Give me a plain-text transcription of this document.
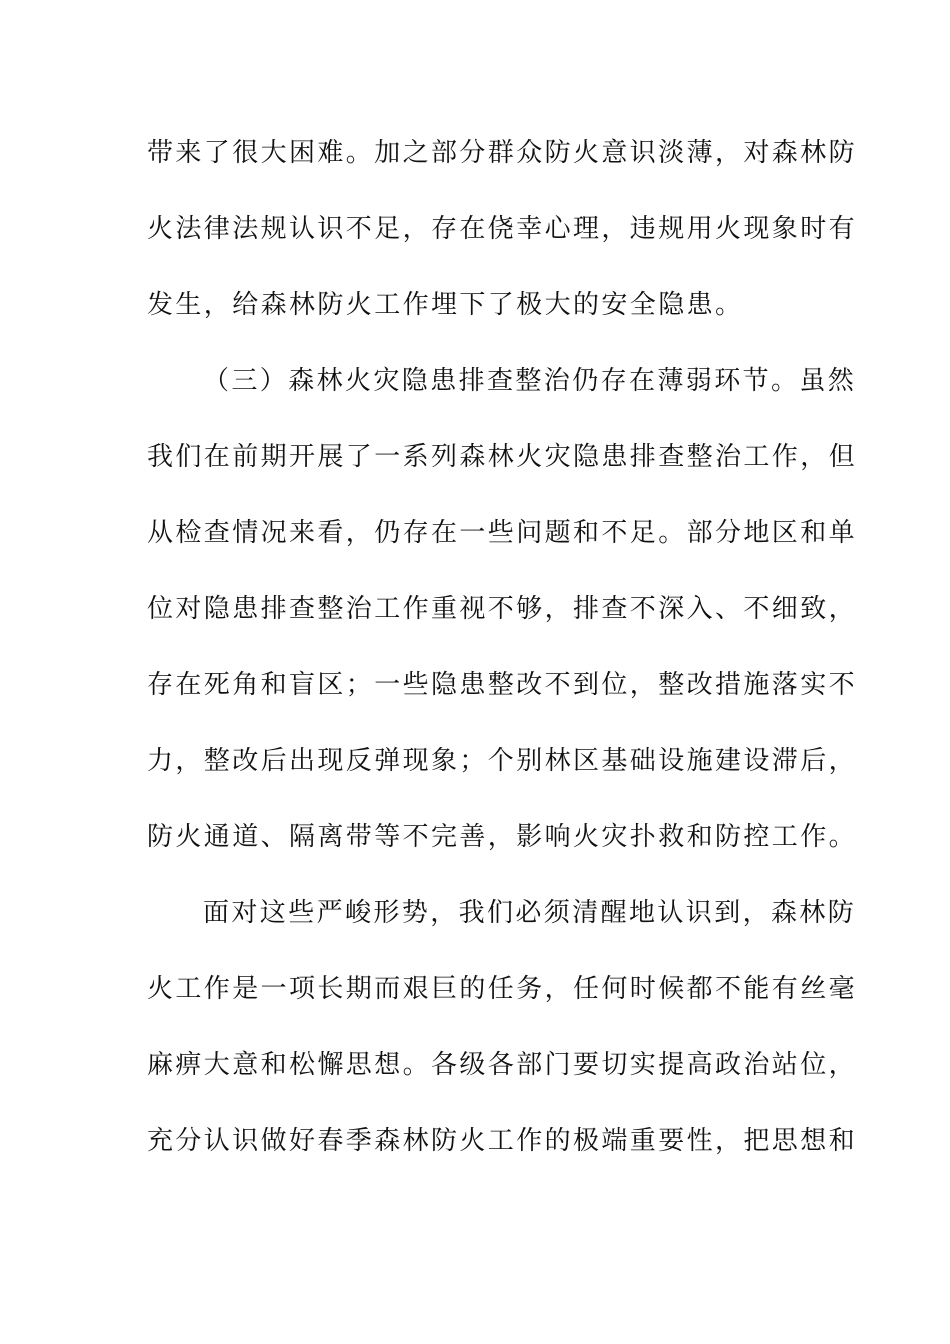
带来了很大困难。加之部分群众防火意识淡薄，对森林防
火法律法规认识不足，存在侥幸心理，违规用火现象时有
发生，给森林防火工作埋下了极大的安全隐患。
（三）森林火灾隐患排查整治仍存在薄弱环节。虽然
我们在前期开展了一系列森林火灾隐患排查整治工作，但
从检查情况来看，仍存在一些问题和不足。部分地区和单
位对隐患排查整治工作重视不够，排查不深入、不细致，
存在死角和盲区；一些隐患整改不到位，整改措施落实不
力，整改后出现反弹现象；个别林区基础设施建设滞后，
防火通道、隔离带等不完善，影响火灾扑救和防控工作。
面对这些严峻形势，我们必须清醒地认识到，森林防
火工作是一项长期而艰巨的任务，任何时候都不能有丝毫
麻痹大意和松懈思想。各级各部门要切实提高政治站位，
充分认识做好春季森林防火工作的极端重要性，把思想和
